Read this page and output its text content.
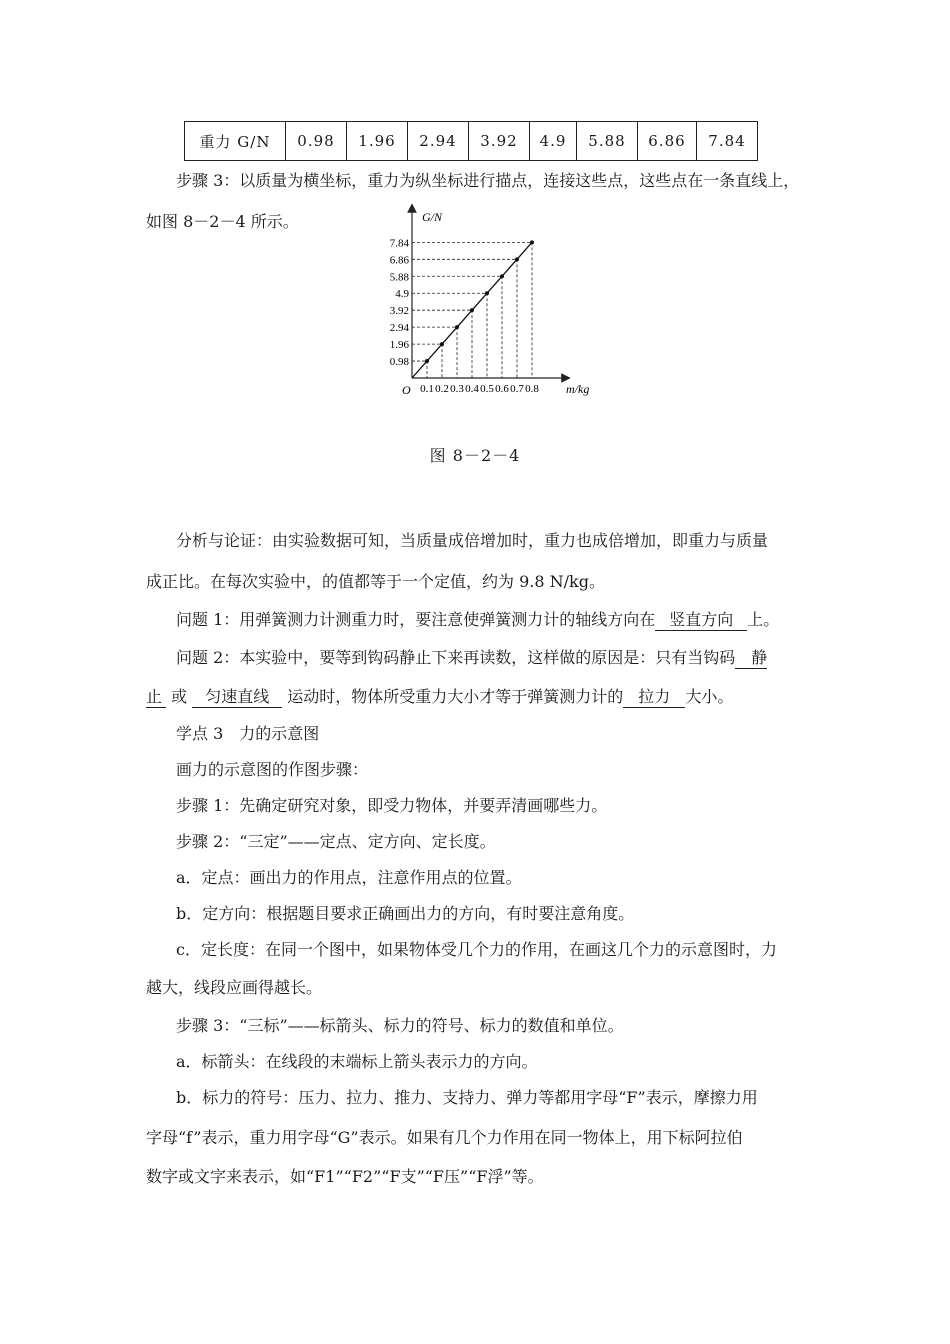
重力 G/N	0.98	1.96	2.94	3.92	4.9	5.88	6.86	7.84
步骤 3：以质量为横坐标，重力为纵坐标进行描点，连接这些点，这些点在一条直线上，
如图 8－2－4 所示。
0.98
1.96
2.94
3.92
4.9
5.88
6.86
7.84
0.1 0.2 0.3 0.4 0.5 0.6 0.7 0.8
G/N
m/kg
O
图 8－2－4
分析与论证：由实验数据可知，当质量成倍增加时，重力也成倍增加，即重力与质量
成正比。在每次实验中，的值都等于一个定值，约为 9.8 N/kg。
问题 1：用弹簧测力计测重力时，要注意使弹簧测力计的轴线方向在 竖直方向 上。
问题 2：本实验中，要等到钩码静止下来再读数，这样做的原因是：只有当钩码 静
止 或 匀速直线 运动时，物体所受重力大小才等于弹簧测力计的 拉力 大小。
学点 3　力的示意图
画力的示意图的作图步骤：
步骤 1：先确定研究对象，即受力物体，并要弄清画哪些力。
步骤 2：“三定”——定点、定方向、定长度。
a．定点：画出力的作用点，注意作用点的位置。
b．定方向：根据题目要求正确画出力的方向，有时要注意角度。
c．定长度：在同一个图中，如果物体受几个力的作用，在画这几个力的示意图时，力
越大，线段应画得越长。
步骤 3：“三标”——标箭头、标力的符号、标力的数值和单位。
a．标箭头：在线段的末端标上箭头表示力的方向。
b．标力的符号：压力、拉力、推力、支持力、弹力等都用字母“F”表示，摩擦力用
字母“f”表示，重力用字母“G”表示。如果有几个力作用在同一物体上，用下标阿拉伯
数字或文字来表示，如“F1”“F2”“F支”“F压”“F浮”等。
